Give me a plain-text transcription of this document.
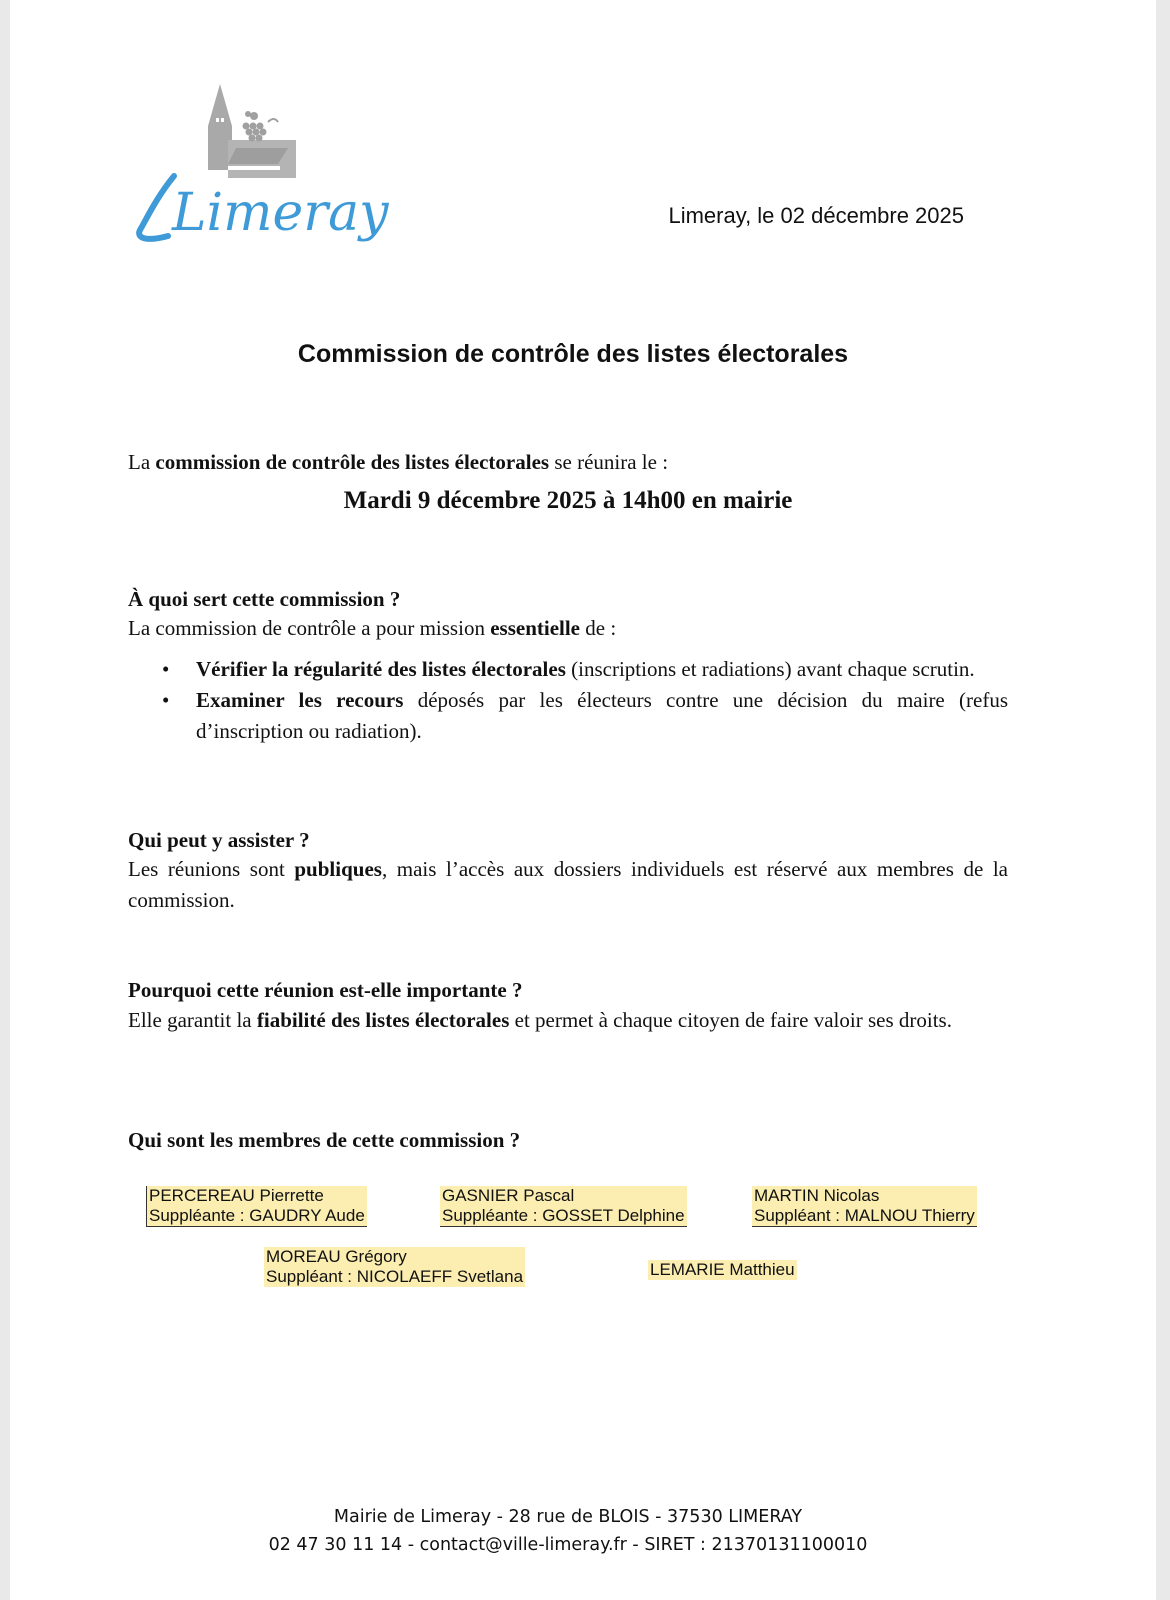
Limeray	Limeray, le 02 décembre 2025
Commission de contrôle des listes électorales
La commission de contrôle des listes électorales se réunira le :
Mardi 9 décembre 2025 à 14h00 en mairie
À quoi sert cette commission ?
La commission de contrôle a pour mission essentielle de :
• Vérifier la régularité des listes électorales (inscriptions et radiations) avant chaque scrutin.
• Examiner les recours déposés par les électeurs contre une décision du maire (refus d’inscription ou radiation).
Qui peut y assister ?
Les réunions sont publiques, mais l’accès aux dossiers individuels est réservé aux membres de la commission.
Pourquoi cette réunion est-elle importante ?
Elle garantit la fiabilité des listes électorales et permet à chaque citoyen de faire valoir ses droits.
Qui sont les membres de cette commission ?
PERCEREAU Pierrette
Suppléante : GAUDRY Aude
GASNIER Pascal
Suppléante : GOSSET Delphine
MARTIN Nicolas
Suppléant : MALNOU Thierry
MOREAU Grégory
Suppléant : NICOLAEFF Svetlana	LEMARIE Matthieu
Mairie de Limeray - 28 rue de BLOIS - 37530 LIMERAY
02 47 30 11 14 - contact@ville-limeray.fr - SIRET : 21370131100010
